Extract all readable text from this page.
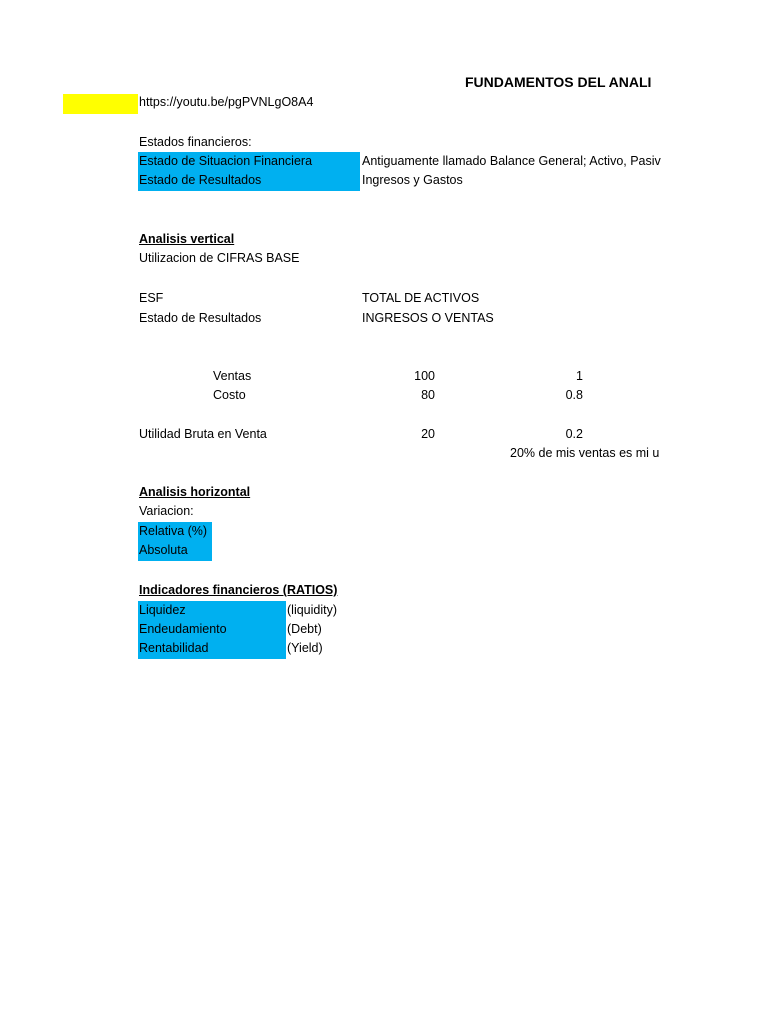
FUNDAMENTOS DEL ANALI
https://youtu.be/pgPVNLgO8A4
Estados financieros:
Estado de Situacion Financiera	Antiguamente llamado Balance General; Activo, Pasiv
Estado de Resultados	Ingresos y Gastos
Analisis vertical
Utilizacion de CIFRAS BASE
ESF	TOTAL DE ACTIVOS
Estado de Resultados	INGRESOS O VENTAS
Ventas	100	1
Costo	80	0.8
Utilidad Bruta en Venta	20	0.2
20% de mis ventas es mi u
Analisis horizontal
Variacion:
Relativa (%)
Absoluta
Indicadores financieros (RATIOS)
Liquidez	(liquidity)
Endeudamiento	(Debt)
Rentabilidad	(Yield)
